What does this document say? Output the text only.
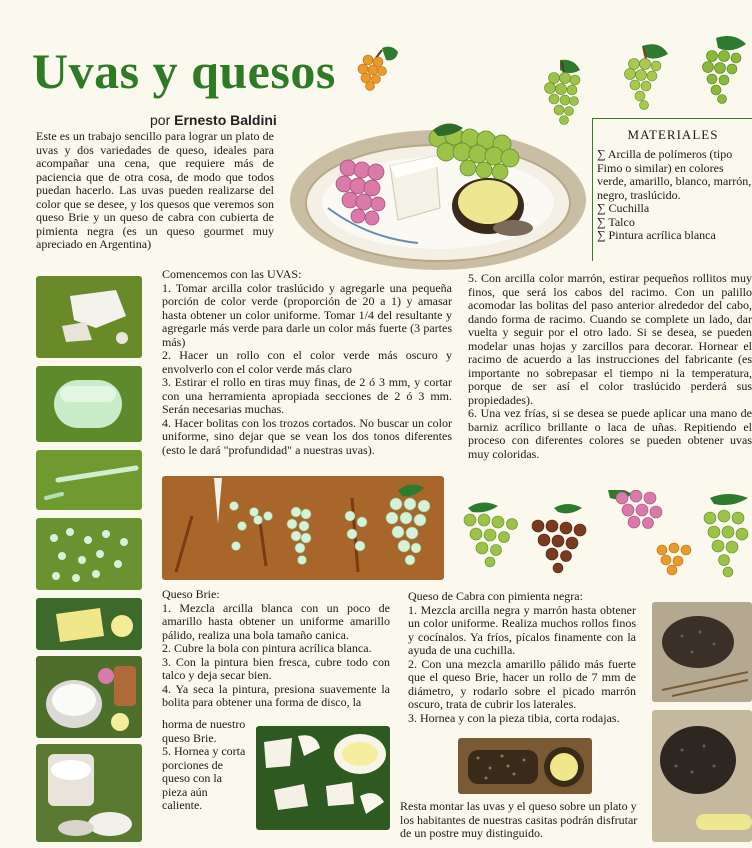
Uvas y quesos
por Ernesto Baldini
Este es un trabajo sencillo para lograr un plato de uvas y dos variedades de queso, ideales para acompañar una cena, que requiere más de paciencia que de otra cosa, de modo que todos puedan hacerlo. Las uvas pueden realizarse del color que se desee, y los quesos que veremos son queso Brie y un queso de cabra con cubierta de pimienta negra (es un queso gourmet muy apreciado en Argentina)
MATERIALES
∑ Arcilla de polímeros (tipo Fimo o similar) en colores verde, amarillo, blanco, marrón, negro, traslúcido.
∑ Cuchilla
∑ Talco
∑ Pintura acrílica blanca

Comencemos con las UVAS:

1. Tomar arcilla color traslúcido y agregarle una pequeña porción de color verde (proporción de 20 a 1) y amasar hasta obtener un color uniforme. Tomar 1/4 del resultante y agregarle más verde para darle un color más fuerte (3 partes más)

2. Hacer un rollo con el color verde más oscuro y envolverlo con el color verde más claro

3. Estirar el rollo en tiras muy finas, de 2 ó 3 mm, y cortar con una herramienta apropiada secciones de 2 ó 3 mm. Serán necesarias muchas.

4. Hacer bolitas con los trozos cortados. No buscar un color uniforme, sino dejar que se vean los dos tonos diferentes (esto le dará "profundidad" a nuestras uvas).

5. Con arcilla color marrón, estirar pequeños rollitos muy finos, que será los cabos del racimo. Con un palillo acomodar las bolitas del paso anterior alrededor del cabo, dando forma de racimo. Cuando se complete un lado, dar vuelta y seguir por el otro lado. Si se desea, se pueden modelar unas hojas y zarcillos para decorar. Hornear el racimo de acuerdo a las instrucciones del fabricante (es importante no sobrepasar el tiempo ni la temperatura, porque de ser así el color traslúcido perderá sus propiedades).

6. Una vez frías, si se desea se puede aplicar una mano de barniz acrílico brillante o laca de uñas. Repitiendo el proceso con diferentes colores se pueden obtener uvas muy coloridas.

Queso Brie:

1. Mezcla arcilla blanca con un poco de amarillo hasta obtener un uniforme amarillo pálido, realiza una bola tamaño canica.

2. Cubre la bola con pintura acrílica blanca.

3. Con la pintura bien fresca, cubre todo con talco y deja secar bien.

4. Ya seca la pintura, presiona suavemente la bolita para obtener una forma de disco, la

horma de nuestro queso Brie.

5. Hornea y corta porciones de queso con la pieza aún caliente.

Queso de Cabra con pimienta negra:

1. Mezcla arcilla negra y marrón hasta obtener un color uniforme. Realiza muchos rollos finos y cocínalos. Ya fríos, pícalos finamente con la ayuda de una cuchilla.

2. Con una mezcla amarillo pálido más fuerte que el queso Brie, hacer un rollo de 7 mm de diámetro, y rodarlo sobre el picado marrón oscuro, trata de cubrir los laterales.

3. Hornea y con la pieza tibia, corta rodajas.

Resta montar las uvas y el queso sobre un plato y los habitantes de nuestras casitas podrán disfrutar de un postre muy distinguido.
